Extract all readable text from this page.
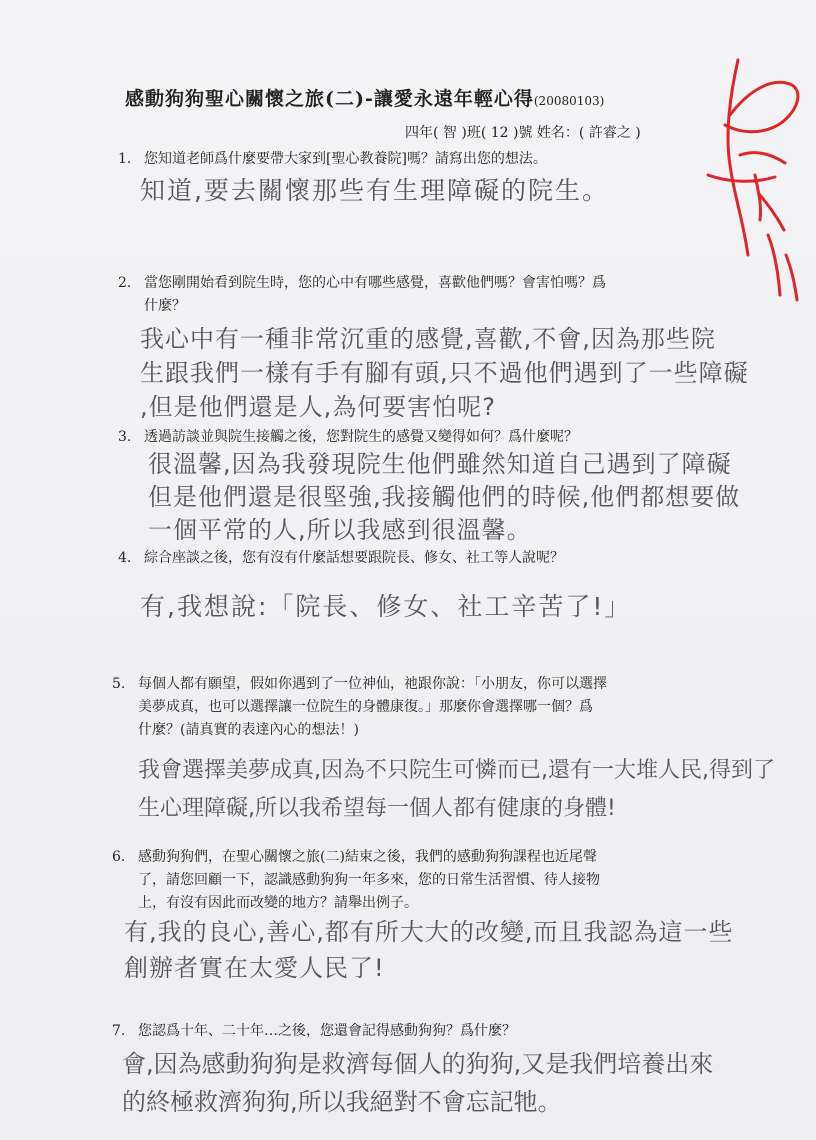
感動狗狗聖心關懷之旅(二)-讓愛永遠年輕心得(20080103)
四年( 智 )班( 12 )號 姓名：( 許睿之 )
1. 您知道老師爲什麼要帶大家到[聖心教養院]嗎？請寫出您的想法。
知道,要去關懷那些有生理障礙的院生。
2. 當您剛開始看到院生時，您的心中有哪些感覺，喜歡他們嗎？會害怕嗎？爲
什麼？
我心中有一種非常沉重的感覺,喜歡,不會,因為那些院
生跟我們一樣有手有腳有頭,只不過他們遇到了一些障礙
,但是他們還是人,為何要害怕呢?
3. 透過訪談並與院生接觸之後，您對院生的感覺又變得如何？爲什麼呢？
很溫馨,因為我發現院生他們雖然知道自己遇到了障礙
但是他們還是很堅強,我接觸他們的時候,他們都想要做
一個平常的人,所以我感到很溫馨。
4. 綜合座談之後，您有沒有什麼話想要跟院長、修女、社工等人說呢？
有,我想說:「院長、修女、社工辛苦了!」
5. 每個人都有願望，假如你遇到了一位神仙，祂跟你說：「小朋友，你可以選擇
美夢成真，也可以選擇讓一位院生的身體康復。」那麼你會選擇哪一個？爲
什麼？(請真實的表達內心的想法！)
我會選擇美夢成真,因為不只院生可憐而已,還有一大堆人民,得到了
生心理障礙,所以我希望每一個人都有健康的身體!
6. 感動狗狗們，在聖心關懷之旅(二)結束之後，我們的感動狗狗課程也近尾聲
了，請您回顧一下，認識感動狗狗一年多來，您的日常生活習慣、待人接物
上，有沒有因此而改變的地方？請舉出例子。
有,我的良心,善心,都有所大大的改變,而且我認為這一些
創辦者實在太愛人民了!
7. 您認爲十年、二十年…之後，您還會記得感動狗狗？爲什麼？
會,因為感動狗狗是救濟每個人的狗狗,又是我們培養出來
的終極救濟狗狗,所以我絕對不會忘記牠。
